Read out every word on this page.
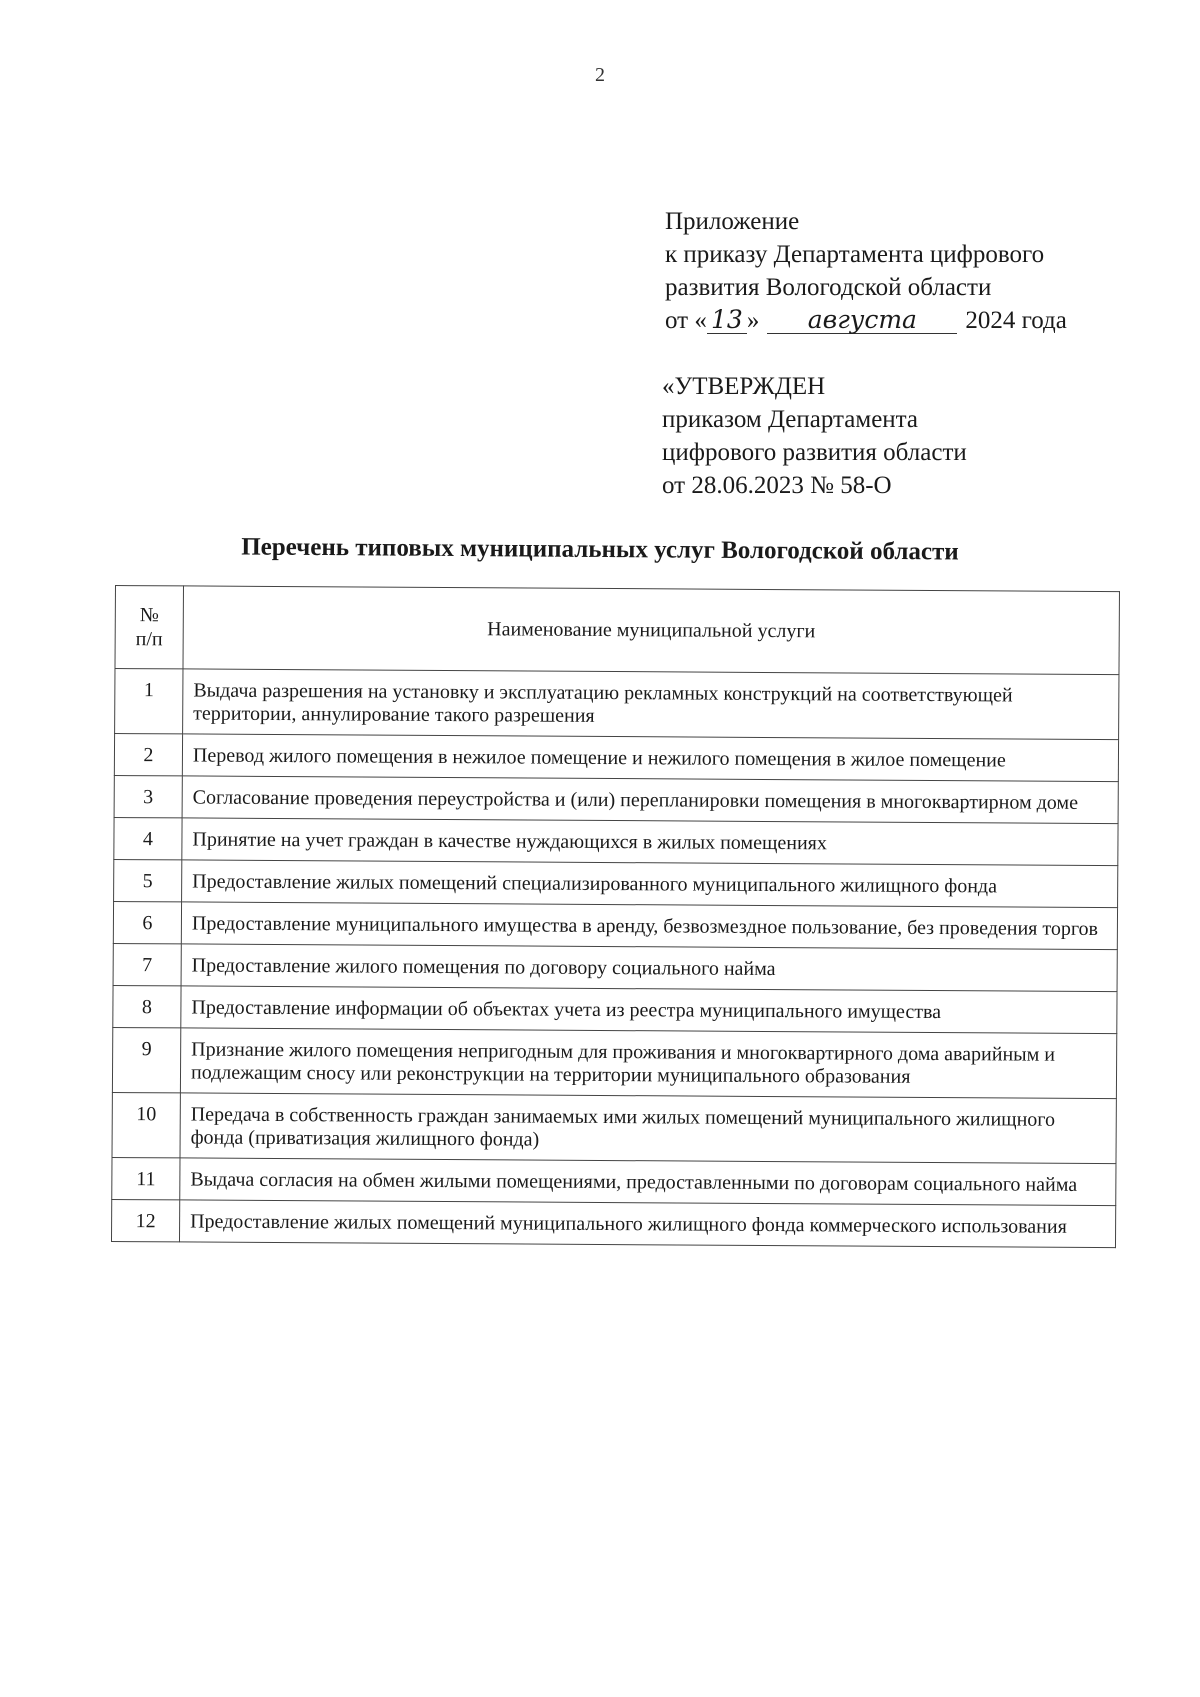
2
Приложение
к приказу Департамента цифрового
развития Вологодской области
от « 13 » августа 2024 года
«УТВЕРЖДЕН
приказом Департамента
цифрового развития области
от 28.06.2023 № 58-О
Перечень типовых муниципальных услуг Вологодской области
№
п/п	Наименование муниципальной услуги
1	Выдача разрешения на установку и эксплуатацию рекламных конструкций на соответствующей территории, аннулирование такого разрешения
2	Перевод жилого помещения в нежилое помещение и нежилого помещения в жилое помещение
3	Согласование проведения переустройства и (или) перепланировки помещения в многоквартирном доме
4	Принятие на учет граждан в качестве нуждающихся в жилых помещениях
5	Предоставление жилых помещений специализированного муниципального жилищного фонда
6	Предоставление муниципального имущества в аренду, безвозмездное пользование, без проведения торгов
7	Предоставление жилого помещения по договору социального найма
8	Предоставление информации об объектах учета из реестра муниципального имущества
9	Признание жилого помещения непригодным для проживания и многоквартирного дома аварийным и подлежащим сносу или реконструкции на территории муниципального образования
10	Передача в собственность граждан занимаемых ими жилых помещений муниципального жилищного фонда (приватизация жилищного фонда)
11	Выдача согласия на обмен жилыми помещениями, предоставленными по договорам социального найма
12	Предоставление жилых помещений муниципального жилищного фонда коммерческого использования
